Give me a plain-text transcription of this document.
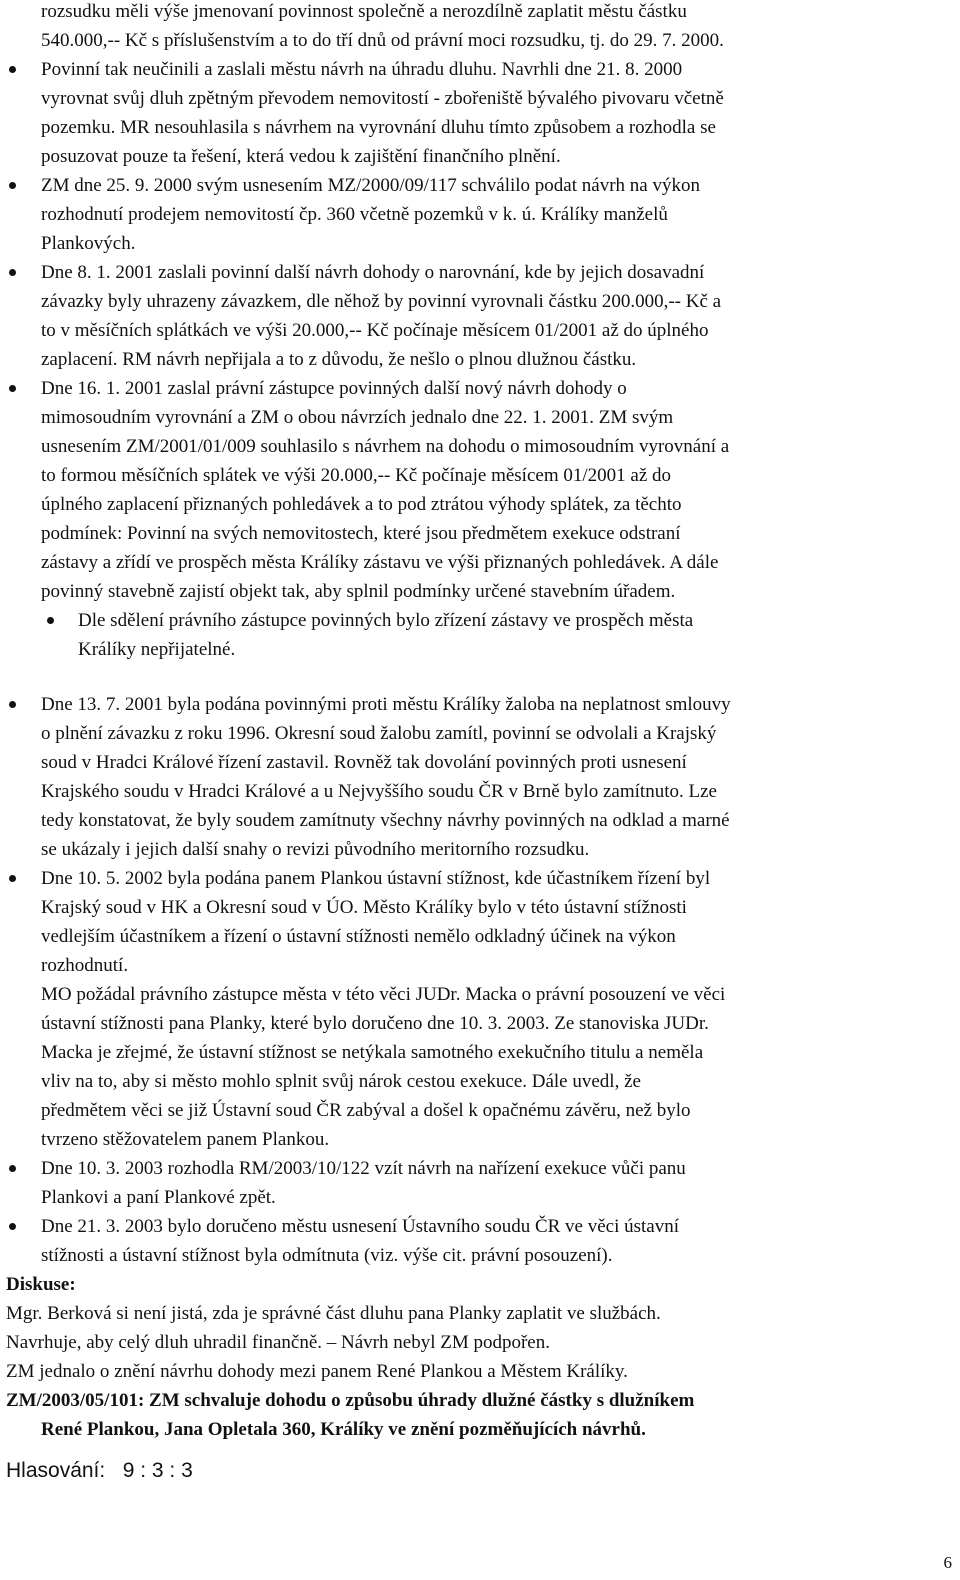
rozsudku měli výše jmenovaní povinnost společně a nerozdílně zaplatit městu částku
540.000,-- Kč s příslušenstvím a to do tří dnů od právní moci rozsudku, tj. do 29. 7. 2000.
Povinní tak neučinili a zaslali městu návrh na úhradu dluhu. Navrhli dne 21. 8. 2000
vyrovnat svůj dluh zpětným převodem nemovitostí - zbořeniště bývalého pivovaru včetně
pozemku. MR nesouhlasila s návrhem na vyrovnání dluhu tímto způsobem a rozhodla se
posuzovat pouze ta řešení, která vedou k zajištění finančního plnění.
ZM dne 25. 9. 2000 svým usnesením MZ/2000/09/117 schválilo podat návrh na výkon
rozhodnutí prodejem nemovitostí čp. 360 včetně pozemků v k. ú. Králíky manželů
Plankových.
Dne 8. 1. 2001 zaslali povinní další návrh dohody o narovnání, kde by jejich dosavadní
závazky byly uhrazeny závazkem, dle něhož by povinní vyrovnali částku 200.000,-- Kč a
to v měsíčních splátkách ve výši 20.000,-- Kč počínaje měsícem 01/2001 až do úplného
zaplacení. RM návrh nepřijala a to z důvodu, že nešlo o plnou dlužnou částku.
Dne 16. 1. 2001 zaslal právní zástupce povinných další nový návrh dohody o
mimosoudním vyrovnání a ZM o obou návrzích jednalo dne 22. 1. 2001. ZM svým
usnesením ZM/2001/01/009 souhlasilo s návrhem na dohodu o mimosoudním vyrovnání a
to formou měsíčních splátek ve výši 20.000,-- Kč počínaje měsícem 01/2001 až do
úplného zaplacení přiznaných pohledávek a to pod ztrátou výhody splátek, za těchto
podmínek: Povinní na svých nemovitostech, které jsou předmětem exekuce odstraní
zástavy a zřídí ve prospěch města Králíky zástavu ve výši přiznaných pohledávek. A dále
povinný stavebně zajistí objekt tak, aby splnil podmínky určené stavebním úřadem.
Dle sdělení právního zástupce povinných bylo zřízení zástavy ve prospěch města
Králíky nepřijatelné.
Dne 13. 7. 2001 byla podána povinnými proti městu Králíky žaloba na neplatnost smlouvy
o plnění závazku z roku 1996. Okresní soud žalobu zamítl, povinní se odvolali a Krajský
soud v Hradci Králové řízení zastavil. Rovněž tak dovolání povinných proti usnesení
Krajského soudu v Hradci Králové a u Nejvyššího soudu ČR v Brně bylo zamítnuto. Lze
tedy konstatovat, že byly soudem zamítnuty všechny návrhy povinných na odklad a marné
se ukázaly i jejich další snahy o revizi původního meritorního rozsudku.
Dne 10. 5. 2002 byla podána panem Plankou ústavní stížnost, kde účastníkem řízení byl
Krajský soud v HK a Okresní soud v ÚO. Město Králíky bylo v této ústavní stížnosti
vedlejším účastníkem a řízení o ústavní stížnosti nemělo odkladný účinek na výkon
rozhodnutí.
MO požádal právního zástupce města v této věci JUDr. Macka o právní posouzení ve věci
ústavní stížnosti pana Planky, které bylo doručeno dne 10. 3. 2003. Ze stanoviska JUDr.
Macka je zřejmé, že ústavní stížnost se netýkala samotného exekučního titulu a neměla
vliv na to, aby si město mohlo splnit svůj nárok cestou exekuce. Dále uvedl, že
předmětem věci se již Ústavní soud ČR zabýval a došel k opačnému závěru, než bylo
tvrzeno stěžovatelem panem Plankou.
Dne 10. 3. 2003 rozhodla RM/2003/10/122 vzít návrh na nařízení exekuce vůči panu
Plankovi a paní Plankové zpět.
Dne 21. 3. 2003 bylo doručeno městu usnesení Ústavního soudu ČR ve věci ústavní
stížnosti a ústavní stížnost byla odmítnuta (viz. výše cit. právní posouzení).
Diskuse:
Mgr. Berková si není jistá, zda je správné část dluhu pana Planky zaplatit ve službách.
Navrhuje, aby celý dluh uhradil finančně. – Návrh nebyl ZM podpořen.
ZM jednalo o znění návrhu dohody mezi panem René Plankou a Městem Králíky.
ZM/2003/05/101: ZM schvaluje dohodu o způsobu úhrady dlužné částky s dlužníkem
René Plankou, Jana Opletala 360, Králíky ve znění pozměňujících návrhů.
Hlasování: 9 : 3 : 3
6
